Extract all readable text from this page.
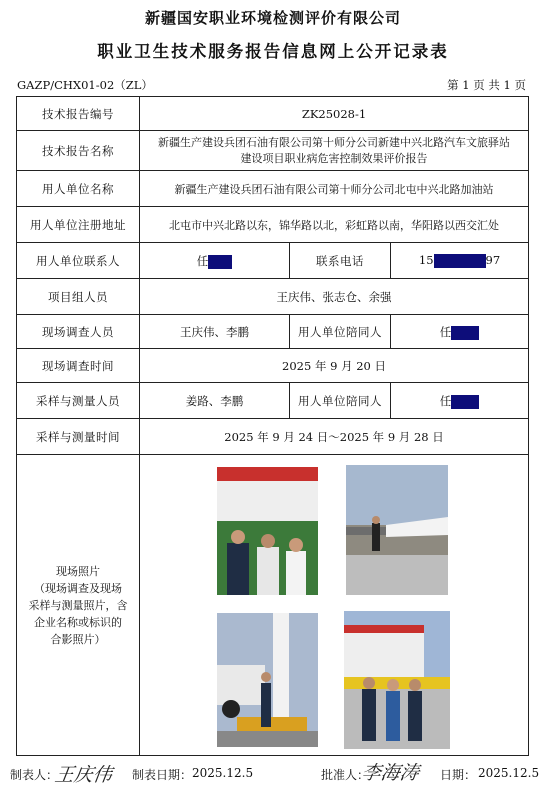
新疆国安职业环境检测评价有限公司
职业卫生技术服务报告信息网上公开记录表
GAZP/CHX01-02（ZL）	第 1 页 共 1 页
技术报告编号	ZK25028-1		
技术报告名称	新疆生产建设兵团石油有限公司第十师分公司新建中兴北路汽车文旅驿站
建设项目职业病危害控制效果评价报告		

用人单位名称	新疆生产建设兵团石油有限公司第十师分公司北屯中兴北路加油站		
用人单位注册地址	北屯市中兴北路以东，锦华路以北，彩虹路以南，华阳路以西交汇处		
用人单位联系人	任	联系电话	15 97
项目组人员	王庆伟、张志仓、余强		
现场调查人员	王庆伟、李鹏	用人单位陪同人	任
现场调查时间	2025 年 9 月 20 日		
采样与测量人员	姜路、李鹏	用人单位陪同人	任
采样与测量时间	2025 年 9 月 24 日～2025 年 9 月 28 日		

现场照片
（现场调查及现场
采样与测量照片，含
企业名称或标识的
合影照片）

制表人：
王庆伟 制表日期： 2025.12.5	批准人：
李海涛 日期： 2025.12.5
